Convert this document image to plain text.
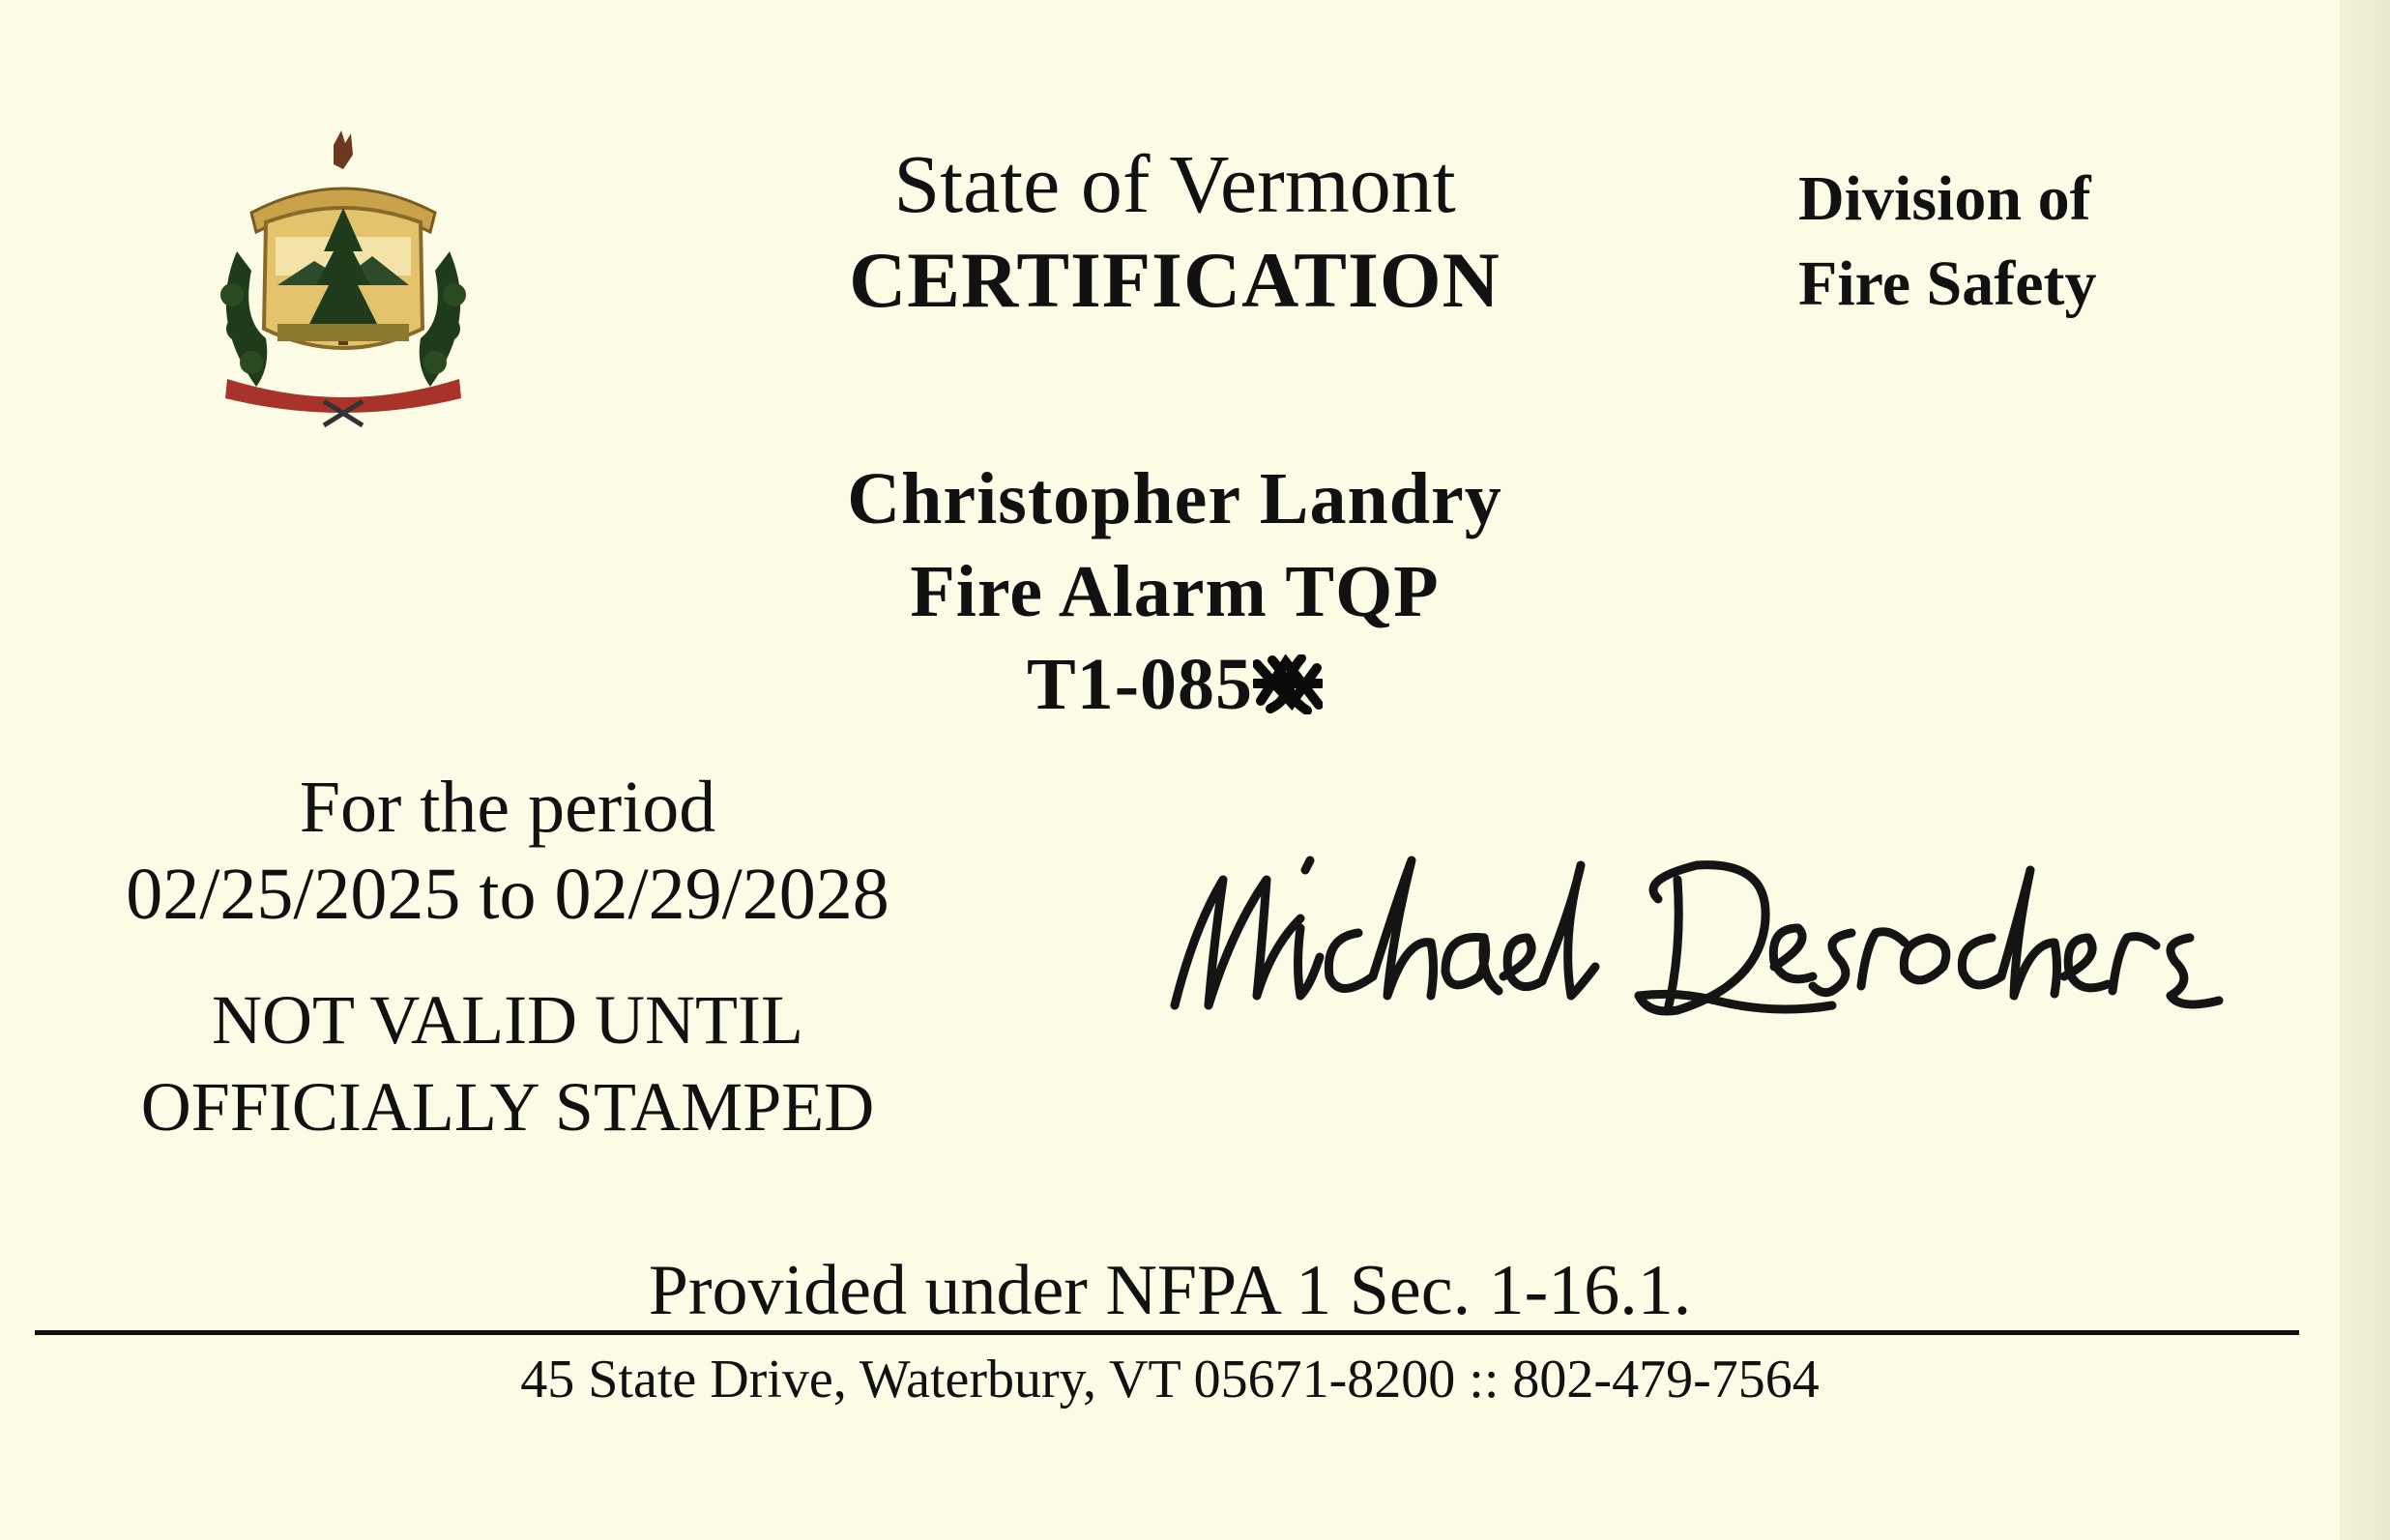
State of Vermont
CERTIFICATION
Division of
Fire Safety
Christopher Landry
Fire Alarm TQP
T1-085
For the period
02/25/2025 to 02/29/2028
NOT VALID UNTIL
OFFICIALLY STAMPED
Provided under NFPA 1 Sec. 1-16.1.
45 State Drive, Waterbury, VT 05671-8200 :: 802-479-7564
